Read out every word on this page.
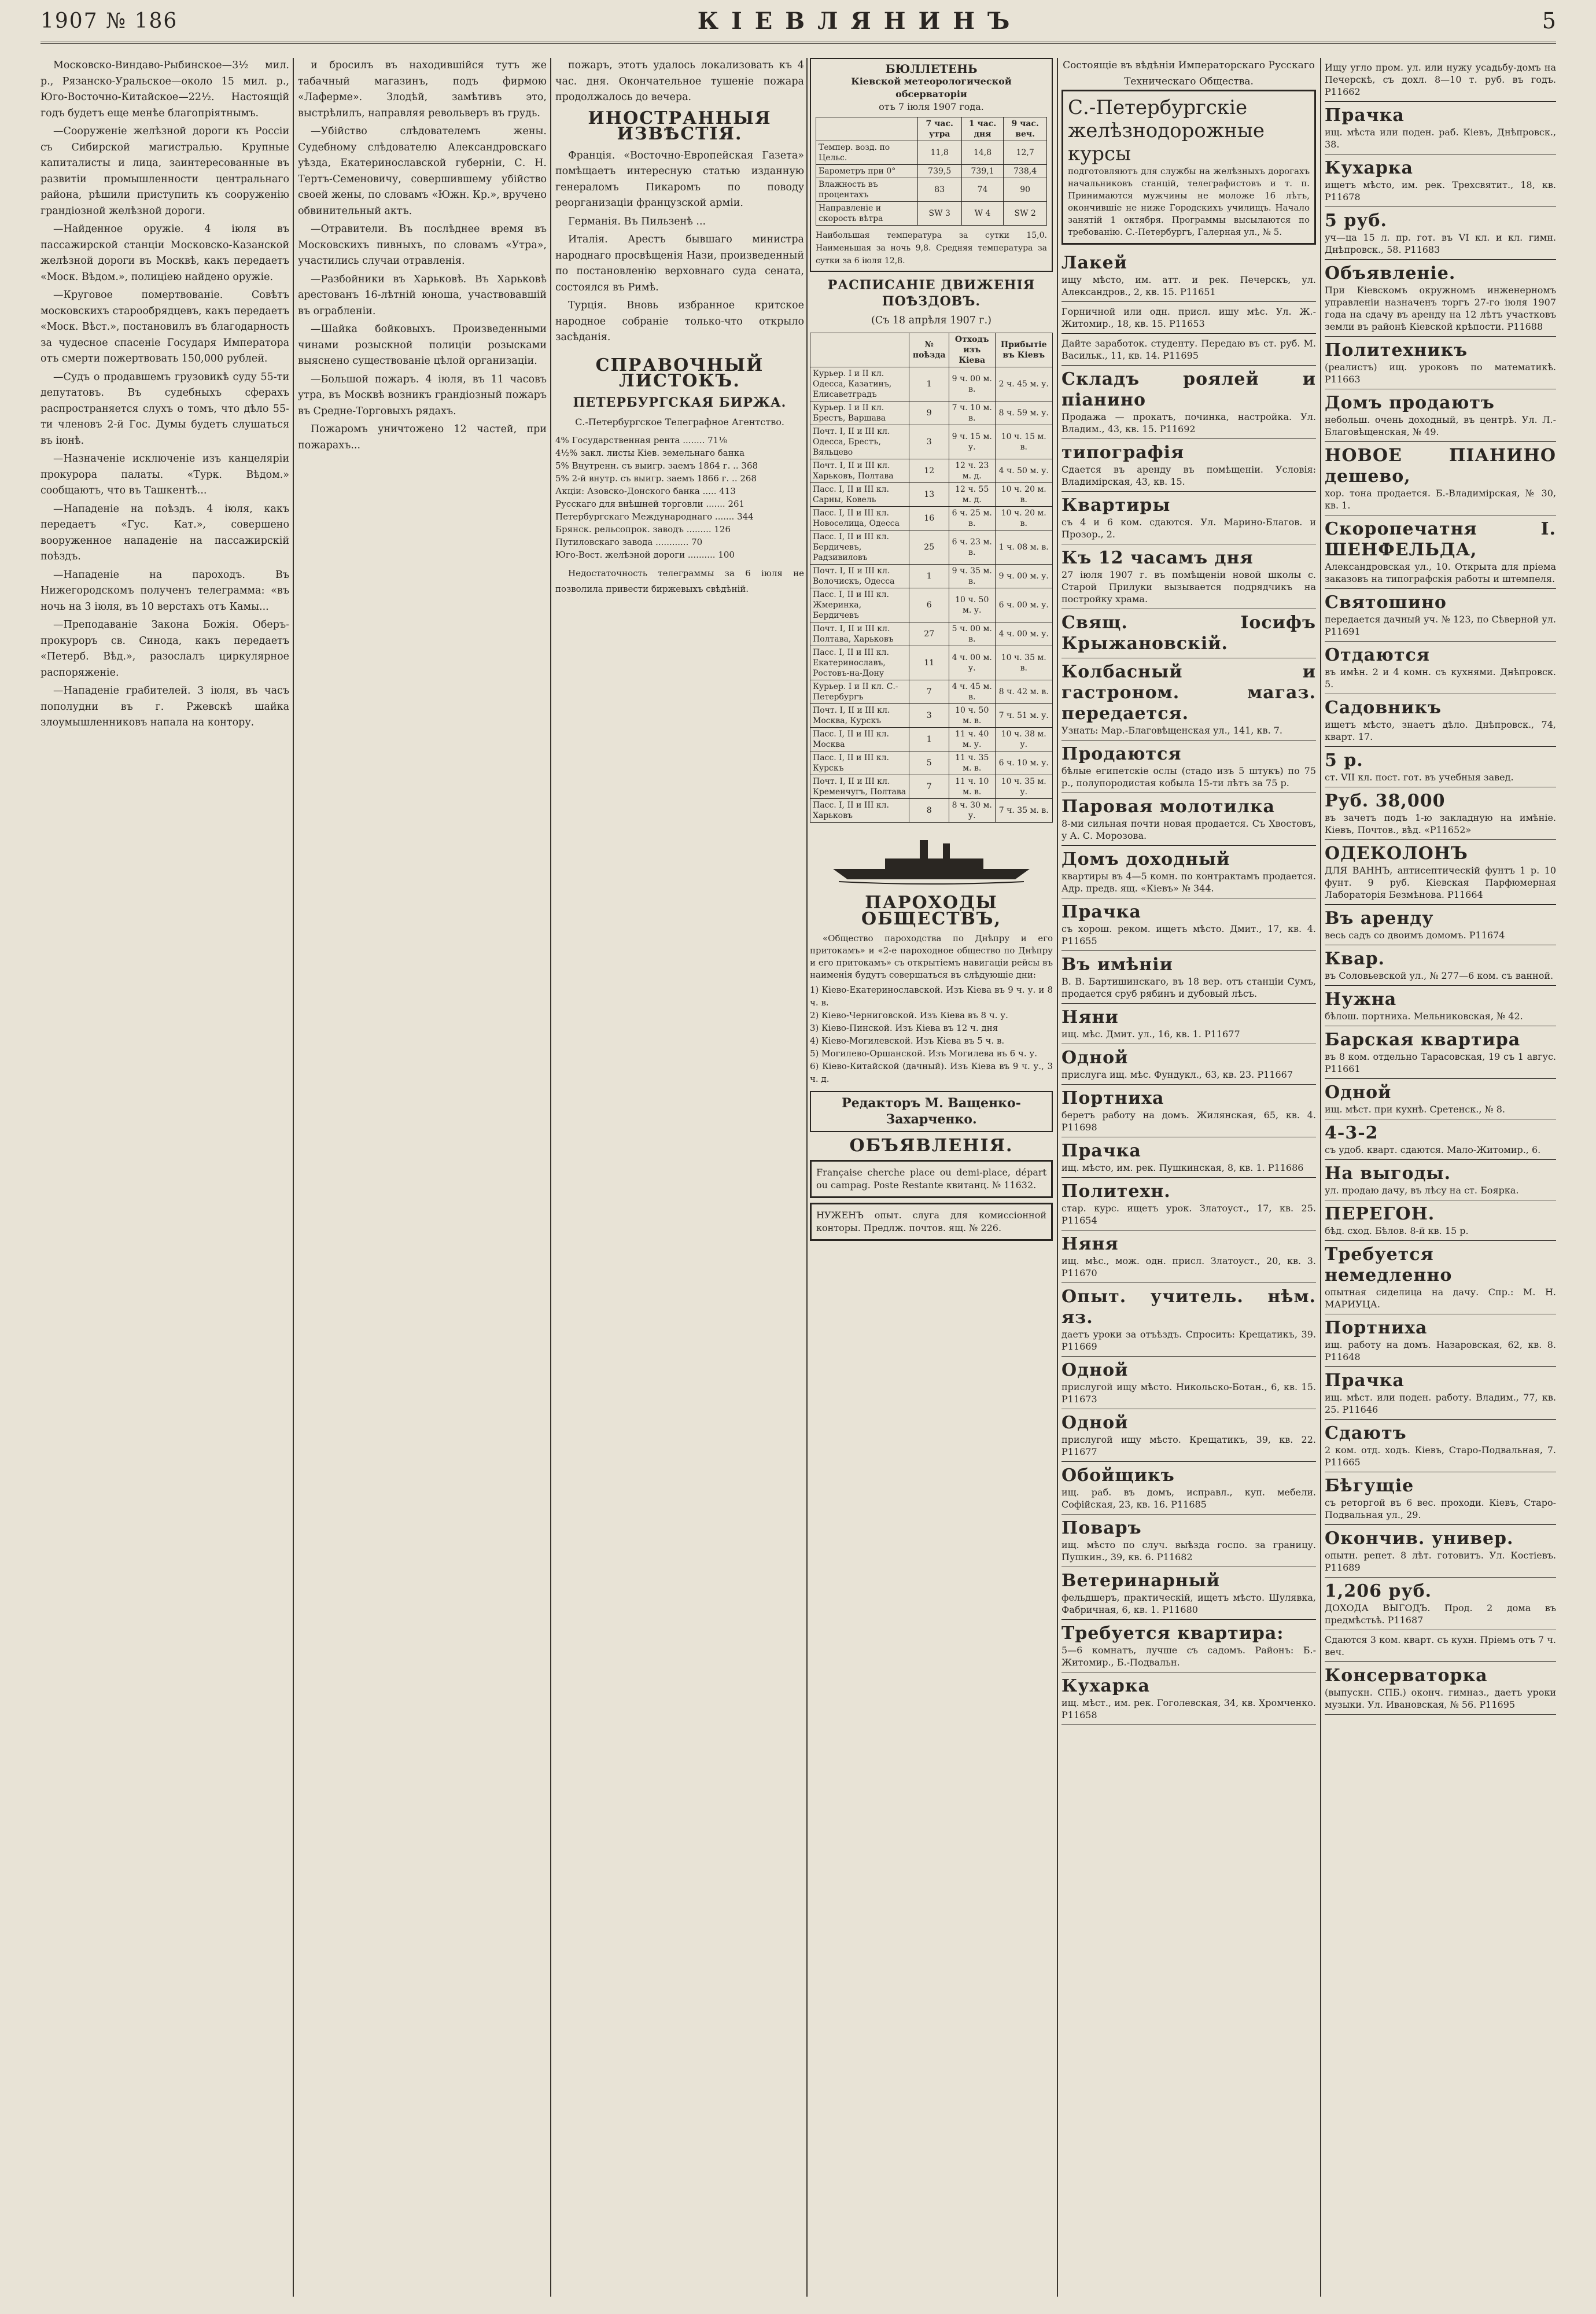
1907 № 186	КІЕВЛЯНИНЪ	5

Московско-Виндаво-Рыбинское—3½ мил. р., Рязанско-Уральское—около 15 мил. р., Юго-Восточно-Китайское—22½. Настоящій годъ будетъ еще менѣе благопріятнымъ.

—Сооруженіе желѣзной дороги къ Россіи съ Сибирской магистралью. Крупные капиталисты и лица, заинтересованные въ развитіи промышленности центральнаго района, рѣшили приступить къ сооруженію грандіозной желѣзной дороги.

—Найденное оружіе. 4 іюля въ пассажирской станціи Московско-Казанской желѣзной дороги въ Москвѣ, какъ передаетъ «Моск. Вѣдом.», полиціею найдено оружіе.

—Круговое помертвованіе. Совѣтъ московскихъ старообрядцевъ, какъ передаетъ «Моск. Вѣст.», постановилъ въ благодарность за чудесное спасеніе Государя Императора отъ смерти пожертвовать 150,000 рублей.

—Судъ о продавшемъ грузовикѣ суду 55-ти депутатовъ. Въ судебныхъ сферахъ распространяется слухъ о томъ, что дѣло 55-ти членовъ 2-й Гос. Думы будетъ слушаться въ іюнѣ.

—Назначеніе исключеніе изъ канцеляріи прокурора палаты. «Турк. Вѣдом.» сообщаютъ, что въ Ташкентѣ...

—Нападеніе на поѣздъ. 4 іюля, какъ передаетъ «Гус. Кат.», совершено вооруженное нападеніе на пассажирскій поѣздъ.

—Нападеніе на пароходъ. Въ Нижегородскомъ полученъ телеграмма: «въ ночь на 3 іюля, въ 10 верстахъ отъ Камы...

—Преподаваніе Закона Божія. Оберъ-прокуроръ св. Синода, какъ передаетъ «Петерб. Вѣд.», разослалъ циркулярное распоряженіе.

—Нападеніе грабителей. 3 іюля, въ часъ пополудни въ г. Ржевскѣ шайка злоумышленниковъ напала на контору.

и бросилъ въ находившійся тутъ же табачный магазинъ, подъ фирмою «Лаферме». Злодѣй, замѣтивъ это, выстрѣлилъ, направляя револьверъ въ грудь.

—Убійство слѣдователемъ жены. Судебному слѣдователю Александровскаго уѣзда, Екатеринославской губерніи, С. Н. Тертъ-Семеновичу, совершившему убійство своей жены, по словамъ «Южн. Кр.», вручено обвинительный актъ.

—Отравители. Въ послѣднее время въ Московскихъ пивныхъ, по словамъ «Утра», участились случаи отравленія.

—Разбойники въ Харьковѣ. Въ Харьковѣ арестованъ 16-лѣтній юноша, участвовавшій въ ограбленіи.

—Шайка бойковыхъ. Произведенными чинами розыскной полиціи розысками выяснено существованіе цѣлой организаціи.

—Большой пожаръ. 4 іюля, въ 11 часовъ утра, въ Москвѣ возникъ грандіозный пожаръ въ Средне-Торговыхъ рядахъ.

Пожаромъ уничтожено 12 частей, при пожарахъ...

пожаръ, этотъ удалось локализовать къ 4 час. дня. Окончательное тушеніе пожара продолжалось до вечера.

ИНОСТРАННЫЯ ИЗВѢСТІЯ.

Франція. «Восточно-Европейская Газета» помѣщаетъ интересную статью изданную генераломъ Пикаромъ по поводу реорганизаціи французской арміи.

Германія. Въ Пильзенѣ ...

Италія. Арестъ бывшаго министра народнаго просвѣщенія Нази, произведенный по постановленію верховнаго суда сената, состоялся въ Римѣ.

Турція. Вновь избранное критское народное собраніе только-что открыло засѣданія.

СПРАВОЧНЫЙ ЛИСТОКЪ.
ПЕТЕРБУРГСКАЯ БИРЖА.
С.-Петербургское Телеграфное Агентство.
4% Государственная рента ........ 71⅛
4½% закл. листы Кіев. земельнаго банка
5% Внутренн. съ выигр. заемъ 1864 г. .. 368
5% 2-й внутр. съ выигр. заемъ 1866 г. .. 268
Акціи: Азовско-Донского банка ..... 413
Русскаго для внѣшней торговли ....... 261
Петербургскаго Международнаго ....... 344
Брянск. рельсопрок. заводъ ......... 126
Путиловскаго завода ............ 70
Юго-Вост. желѣзной дороги .......... 100

Недостаточность телеграммы за 6 іюля не позволила привести биржевыхъ свѣдѣній.

БЮЛЛЕТЕНЬ
Кіевской метеорологической обсерваторіи
отъ 7 іюля 1907 года.
	7 час. утра	1 час. дня	9 час. веч.
Темпер. возд. по Цельс.	11,8	14,8	12,7
Барометръ при 0°	739,5	739,1	738,4
Влажность въ процентахъ	83	74	90
Направленіе и скорость вѣтра	SW 3	W 4	SW 2
Наибольшая температура за сутки 15,0. Наименьшая за ночь 9,8. Средняя температура за сутки за 6 іюля 12,8.
РАСПИСАНІЕ ДВИЖЕНІЯ ПОѢЗДОВЪ.
(Съ 18 апрѣля 1907 г.)
	№ поѣзда	Отходъ изъ Кіева	Прибытіе въ Кіевъ
Курьер. I и II кл. Одесса, Казатинъ, Елисаветградъ	1	9 ч. 00 м. в.	2 ч. 45 м. у.
Курьер. I и II кл. Брестъ, Варшава	9	7 ч. 10 м. в.	8 ч. 59 м. у.
Почт. I, II и III кл. Одесса, Брестъ, Вяльцево	3	9 ч. 15 м. у.	10 ч. 15 м. в.
Почт. I, II и III кл. Харьковъ, Полтава	12	12 ч. 23 м. д.	4 ч. 50 м. у.
Пасс. I, II и III кл. Сарны, Ковель	13	12 ч. 55 м. д.	10 ч. 20 м. в.
Пасс. I, II и III кл. Новоселица, Одесса	16	6 ч. 25 м. в.	10 ч. 20 м. в.
Пасс. I, II и III кл. Бердичевъ, Радзивиловъ	25	6 ч. 23 м. в.	1 ч. 08 м. в.
Почт. I, II и III кл. Волочискъ, Одесса	1	9 ч. 35 м. в.	9 ч. 00 м. у.
Пасс. I, II и III кл. Жмеринка, Бердичевъ	6	10 ч. 50 м. у.	6 ч. 00 м. у.
Почт. I, II и III кл. Полтава, Харьковъ	27	5 ч. 00 м. в.	4 ч. 00 м. у.
Пасс. I, II и III кл. Екатеринославъ, Ростовъ-на-Дону	11	4 ч. 00 м. у.	10 ч. 35 м. в.
Курьер. I и II кл. С.-Петербургъ	7	4 ч. 45 м. в.	8 ч. 42 м. в.
Почт. I, II и III кл. Москва, Курскъ	3	10 ч. 50 м. в.	7 ч. 51 м. у.
Пасс. I, II и III кл. Москва	1	11 ч. 40 м. у.	10 ч. 38 м. у.
Пасс. I, II и III кл. Курскъ	5	11 ч. 35 м. в.	6 ч. 10 м. у.
Почт. I, II и III кл. Кременчугъ, Полтава	7	11 ч. 10 м. в.	10 ч. 35 м. у.
Пасс. I, II и III кл. Харьковъ	8	8 ч. 30 м. у.	7 ч. 35 м. в.
ПАРОХОДЫ ОБЩЕСТВЪ,

«Общество пароходства по Днѣпру и его притокамъ» и «2-е пароходное общество по Днѣпру и его притокамъ» съ открытіемъ навигаціи рейсы въ наименія будутъ совершаться въ слѣдующіе дни:

1) Кіево-Екатеринославской. Изъ Кіева въ 9 ч. у. и 8 ч. в.
2) Кіево-Черниговской. Изъ Кіева въ 8 ч. у.
3) Кіево-Пинской. Изъ Кіева въ 12 ч. дня
4) Кіево-Могилевской. Изъ Кіева въ 5 ч. в.
5) Могилево-Оршанской. Изъ Могилева въ 6 ч. у.
6) Кіево-Китайской (дачный). Изъ Кіева въ 9 ч. у., 3 ч. д.
Редакторъ М. Ващенко-Захарченко.
ОБЪЯВЛЕНІЯ.
Française cherche place ou demi-place, départ ou campag. Poste Restante квитанц. № 11632.
НУЖЕНЪ опыт. слуга для комиссіонной конторы. Предлж. почтов. ящ. № 226.
Состоящіе въ вѣдѣніи Императорскаго Русскаго Техническаго Общества.
С.-Петербургскіе желѣзнодорожные курсы
подготовляютъ для службы на желѣзныхъ дорогахъ начальниковъ станцій, телеграфистовъ и т. п. Принимаются мужчины не моложе 16 лѣтъ, окончившіе не ниже Городскихъ училищъ. Начало занятій 1 октября. Программы высылаются по требованію. С.-Петербургъ, Галерная ул., № 5.
Лакей
ищу мѣсто, им. атт. и рек. Печерскъ, ул. Александров., 2, кв. 15. Р11651
Горничной или одн. присл. ищу мѣс. Ул. Ж.-Житомир., 18, кв. 15. Р11653
Дайте заработок. студенту. Передаю въ ст. руб. М. Васильк., 11, кв. 14. Р11695
Складъ роялей и піанино
Продажа — прокатъ, починка, настройка. Ул. Владим., 43, кв. 15. Р11692
типографія
Сдается въ аренду въ помѣщеніи. Условія: Владимірская, 43, кв. 15.
Квартиры
съ 4 и 6 ком. сдаются. Ул. Марино-Благов. и Прозор., 2.
Къ 12 часамъ дня
27 іюля 1907 г. въ помѣщеніи новой школы с. Старой Прилуки вызывается подрядчикъ на постройку храма.
Свящ. Іосифъ Крыжановскій.
Колбасный и гастроном. магаз. передается.
Узнать: Мар.-Благовѣщенская ул., 141, кв. 7.
Продаются
бѣлые египетскіе ослы (стадо изъ 5 штукъ) по 75 р., полупородистая кобыла 15-ти лѣтъ за 75 р.
Паровая молотилка
8-ми сильная почти новая продается. Съ Хвостовъ, у А. С. Морозова.
Домъ доходный
квартиры въ 4—5 комн. по контрактамъ продается. Адр. предв. ящ. «Кіевъ» № 344.
Прачка
съ хорош. реком. ищетъ мѣсто. Дмит., 17, кв. 4. Р11655
Въ имѣніи
В. В. Бартишинскаго, въ 18 вер. отъ станціи Сумъ, продается сруб рябинъ и дубовый лѣсъ.
Няни
ищ. мѣс. Дмит. ул., 16, кв. 1. Р11677
Одной
прислуга ищ. мѣс. Фундукл., 63, кв. 23. Р11667
Портниха
беретъ работу на домъ. Жилянская, 65, кв. 4. Р11698
Прачка
ищ. мѣсто, им. рек. Пушкинская, 8, кв. 1. Р11686
Политехн.
стар. курс. ищетъ урок. Златоуст., 17, кв. 25. Р11654
Няня
ищ. мѣс., мож. одн. присл. Златоуст., 20, кв. 3. Р11670
Опыт. учитель. нѣм. яз.
даетъ уроки за отъѣздъ. Спросить: Крещатикъ, 39. Р11669
Одной
прислугой ищу мѣсто. Никольско-Ботан., 6, кв. 15. Р11673
Одной
прислугой ищу мѣсто. Крещатикъ, 39, кв. 22. Р11677
Обойщикъ
ищ. раб. въ домъ, исправл., куп. мебели. Софійская, 23, кв. 16. Р11685
Поваръ
ищ. мѣсто по случ. выѣзда госпо. за границу. Пушкин., 39, кв. 6. Р11682
Ветеринарный
фельдшеръ, практическій, ищетъ мѣсто. Шулявка, Фабричная, 6, кв. 1. Р11680
Требуется квартира:
5—6 комнатъ, лучше съ садомъ. Районъ: Б.-Житомир., Б.-Подвальн.
Кухарка
ищ. мѣст., им. рек. Гоголевская, 34, кв. Хромченко. Р11658
Ищу угло пром. ул. или нужу усадьбу-домъ на Печерскѣ, съ дохл. 8—10 т. руб. въ годъ. Р11662
Прачка
ищ. мѣста или поден. раб. Кіевъ, Днѣпровск., 38.
Кухарка
ищетъ мѣсто, им. рек. Трехсвятит., 18, кв. Р11678
5 руб.
уч—ца 15 л. пр. гот. въ VI кл. и кл. гимн. Днѣпровск., 58. Р11683
Объявленіе.
При Кіевскомъ окружномъ инженерномъ управленіи назначенъ торгъ 27-го іюля 1907 года на сдачу въ аренду на 12 лѣтъ участковъ земли въ районѣ Кіевской крѣпости. Р11688
Политехникъ
(реалистъ) ищ. уроковъ по математикѣ. Р11663
Домъ продаютъ
небольш. очень доходный, въ центрѣ. Ул. Л.-Благовѣщенская, № 49.
НОВОЕ ПІАНИНО дешево,
хор. тона продается. Б.-Владимірская, № 30, кв. 1.
Скоропечатня І. ШЕНФЕЛЬДА,
Александровская ул., 10. Открыта для пріема заказовъ на типографскія работы и штемпеля.
Святошино
передается дачный уч. № 123, по Сѣверной ул. Р11691
Отдаются
въ имѣн. 2 и 4 комн. съ кухнями. Днѣпровск. 5.
Садовникъ
ищетъ мѣсто, знаетъ дѣло. Днѣпровск., 74, кварт. 17.
5 р.
ст. VII кл. пост. гот. въ учебныя завед.
Руб. 38,000
въ зачетъ подъ 1-ю закладную на имѣніе. Кіевъ, Почтов., вѣд. «Р11652»
ОДЕКОЛОНЪ
ДЛЯ ВАННЪ, антисептическій фунтъ 1 р. 10 фунт. 9 руб. Кіевская Парфюмерная Лабораторія Безмѣнова. Р11664
Въ аренду
весь садъ со двоимъ домомъ. Р11674
Квар.
въ Соловьевской ул., № 277—6 ком. съ ванной.
Нужна
бѣлош. портниха. Мельниковская, № 42.
Барская квартира
въ 8 ком. отдельно Тарасовская, 19 съ 1 авгус. Р11661
Одной
ищ. мѣст. при кухнѣ. Сретенск., № 8.
4-3-2
съ удоб. кварт. сдаются. Мало-Житомир., 6.
На выгоды.
ул. продаю дачу, въ лѣсу на ст. Боярка.
ПЕРЕГОН.
бѣд. сход. Бѣлов. 8-й кв. 15 р.
Требуется немедленно
опытная сиделица на дачу. Спр.: М. Н. МАРИУЦА.
Портниха
ищ. работу на домъ. Назаровская, 62, кв. 8. Р11648
Прачка
ищ. мѣст. или поден. работу. Владим., 77, кв. 25. Р11646
Сдаютъ
2 ком. отд. ходъ. Кіевъ, Старо-Подвальная, 7. Р11665
Бѣгущіе
съ реторгой въ 6 вес. проходи. Кіевъ, Старо-Подвальная ул., 29.
Окончив. универ.
опытн. репет. 8 лѣт. готовитъ. Ул. Костіевъ. Р11689
1,206 руб.
ДОХОДА ВЫГОДЪ. Прод. 2 дома въ предмѣстьѣ. Р11687
Сдаются 3 ком. кварт. съ кухн. Пріемъ отъ 7 ч. веч.
Консерваторка
(выпускн. СПБ.) оконч. гимназ., даетъ уроки музыки. Ул. Ивановская, № 56. Р11695
